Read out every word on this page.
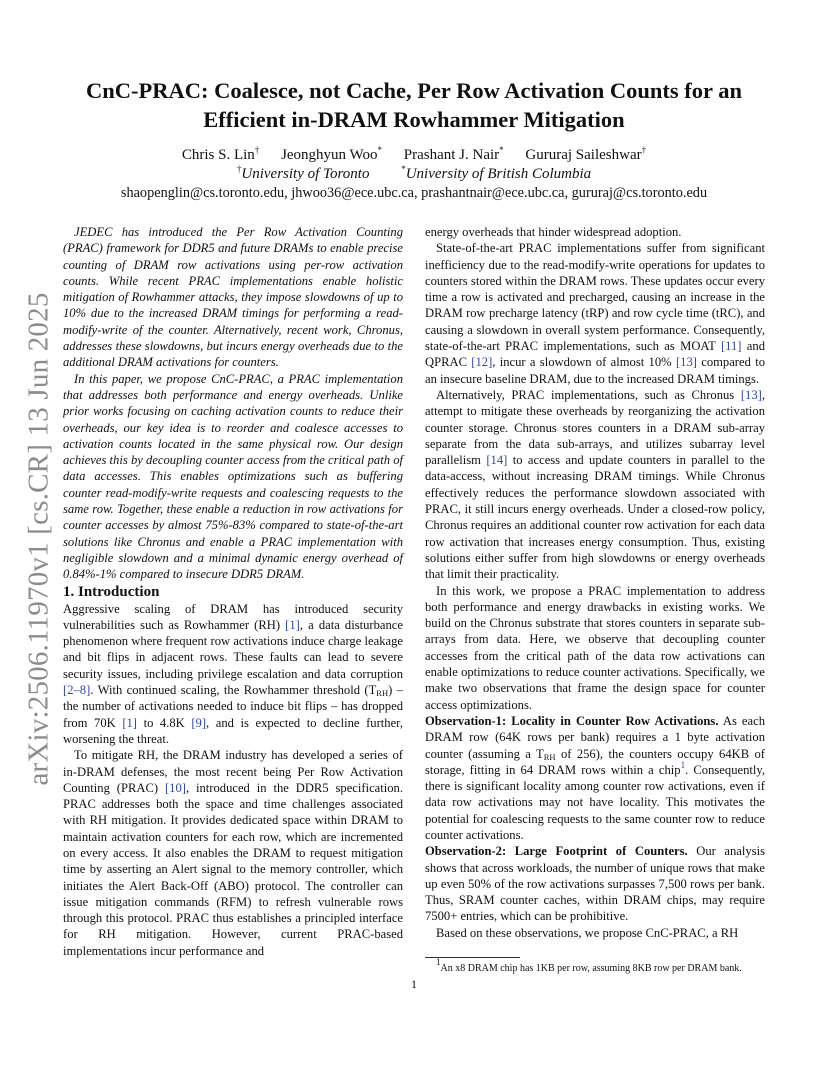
arXiv:2506.11970v1 [cs.CR] 13 Jun 2025
CnC-PRAC: Coalesce, not Cache, Per Row Activation Counts for an Efficient in-DRAM Rowhammer Mitigation
Chris S. Lin† Jeonghyun Woo* Prashant J. Nair* Gururaj Saileshwar†
†University of Toronto	*University of British Columbia
shaopenglin@cs.toronto.edu, jhwoo36@ece.ubc.ca, prashantnair@ece.ubc.ca, gururaj@cs.toronto.edu

JEDEC has introduced the Per Row Activation Counting (PRAC) framework for DDR5 and future DRAMs to enable precise counting of DRAM row activations using per-row activation counts. While recent PRAC implementations enable holistic mitigation of Rowhammer attacks, they impose slowdowns of up to 10% due to the increased DRAM timings for performing a read-modify-write of the counter. Alternatively, recent work, Chronus, addresses these slowdowns, but incurs energy overheads due to the additional DRAM activations for counters.

In this paper, we propose CnC-PRAC, a PRAC implementation that addresses both performance and energy overheads. Unlike prior works focusing on caching activation counts to reduce their overheads, our key idea is to reorder and coalesce accesses to activation counts located in the same physical row. Our design achieves this by decoupling counter access from the critical path of data accesses. This enables optimizations such as buffering counter read-modify-write requests and coalescing requests to the same row. Together, these enable a reduction in row activations for counter accesses by almost 75%-83% compared to state-of-the-art solutions like Chronus and enable a PRAC implementation with negligible slowdown and a minimal dynamic energy overhead of 0.84%-1% compared to insecure DDR5 DRAM.

1. Introduction

Aggressive scaling of DRAM has introduced security vulnerabilities such as Rowhammer (RH) [1], a data disturbance phenomenon where frequent row activations induce charge leakage and bit flips in adjacent rows. These faults can lead to severe security issues, including privilege escalation and data corruption [2–8]. With continued scaling, the Rowhammer threshold $(T_{RH})$ – the number of activations needed to induce bit flips – has dropped from 70K [1] to 4.8K [9], and is expected to decline further, worsening the threat.

To mitigate RH, the DRAM industry has developed a series of in-DRAM defenses, the most recent being Per Row Activation Counting (PRAC) [10], introduced in the DDR5 specification. PRAC addresses both the space and time challenges associated with RH mitigation. It provides dedicated space within DRAM to maintain activation counters for each row, which are incremented on every access. It also enables the DRAM to request mitigation time by asserting an Alert signal to the memory controller, which initiates the Alert Back-Off (ABO) protocol. The controller can issue mitigation commands (RFM) to refresh vulnerable rows through this protocol. PRAC thus establishes a principled interface for RH mitigation. However, current PRAC-based implementations incur performance and

energy overheads that hinder widespread adoption.

State-of-the-art PRAC implementations suffer from significant inefficiency due to the read-modify-write operations for updates to counters stored within the DRAM rows. These updates occur every time a row is activated and precharged, causing an increase in the DRAM row precharge latency (tRP) and row cycle time (tRC), and causing a slowdown in overall system performance. Consequently, state-of-the-art PRAC implementations, such as MOAT [11] and QPRAC [12], incur a slowdown of almost 10% [13] compared to an insecure baseline DRAM, due to the increased DRAM timings.

Alternatively, PRAC implementations, such as Chronus [13], attempt to mitigate these overheads by reorganizing the activation counter storage. Chronus stores counters in a DRAM sub-array separate from the data sub-arrays, and utilizes subarray level parallelism [14] to access and update counters in parallel to the data-access, without increasing DRAM timings. While Chronus effectively reduces the performance slowdown associated with PRAC, it still incurs energy overheads. Under a closed-row policy, Chronus requires an additional counter row activation for each data row activation that increases energy consumption. Thus, existing solutions either suffer from high slowdowns or energy overheads that limit their practicality.

In this work, we propose a PRAC implementation to address both performance and energy drawbacks in existing works. We build on the Chronus substrate that stores counters in separate sub-arrays from data. Here, we observe that decoupling counter accesses from the critical path of the data row activations can enable optimizations to reduce counter activations. Specifically, we make two observations that frame the design space for counter access optimizations.

Observation-1: Locality in Counter Row Activations. As each DRAM row (64K rows per bank) requires a 1 byte activation counter (assuming a $T_{RH}$ of 256), the counters occupy 64KB of storage, fitting in 64 DRAM rows within a chip$^1$. Consequently, there is significant locality among counter row activations, even if data row activations may not have locality. This motivates the potential for coalescing requests to the same counter row to reduce counter activations.

Observation-2: Large Footprint of Counters. Our analysis shows that across workloads, the number of unique rows that make up even 50% of the row activations surpasses 7,500 rows per bank. Thus, SRAM counter caches, within DRAM chips, may require 7500+ entries, which can be prohibitive.

Based on these observations, we propose CnC-PRAC, a RH

$^1$An x8 DRAM chip has 1KB per row, assuming 8KB row per DRAM bank.
1
